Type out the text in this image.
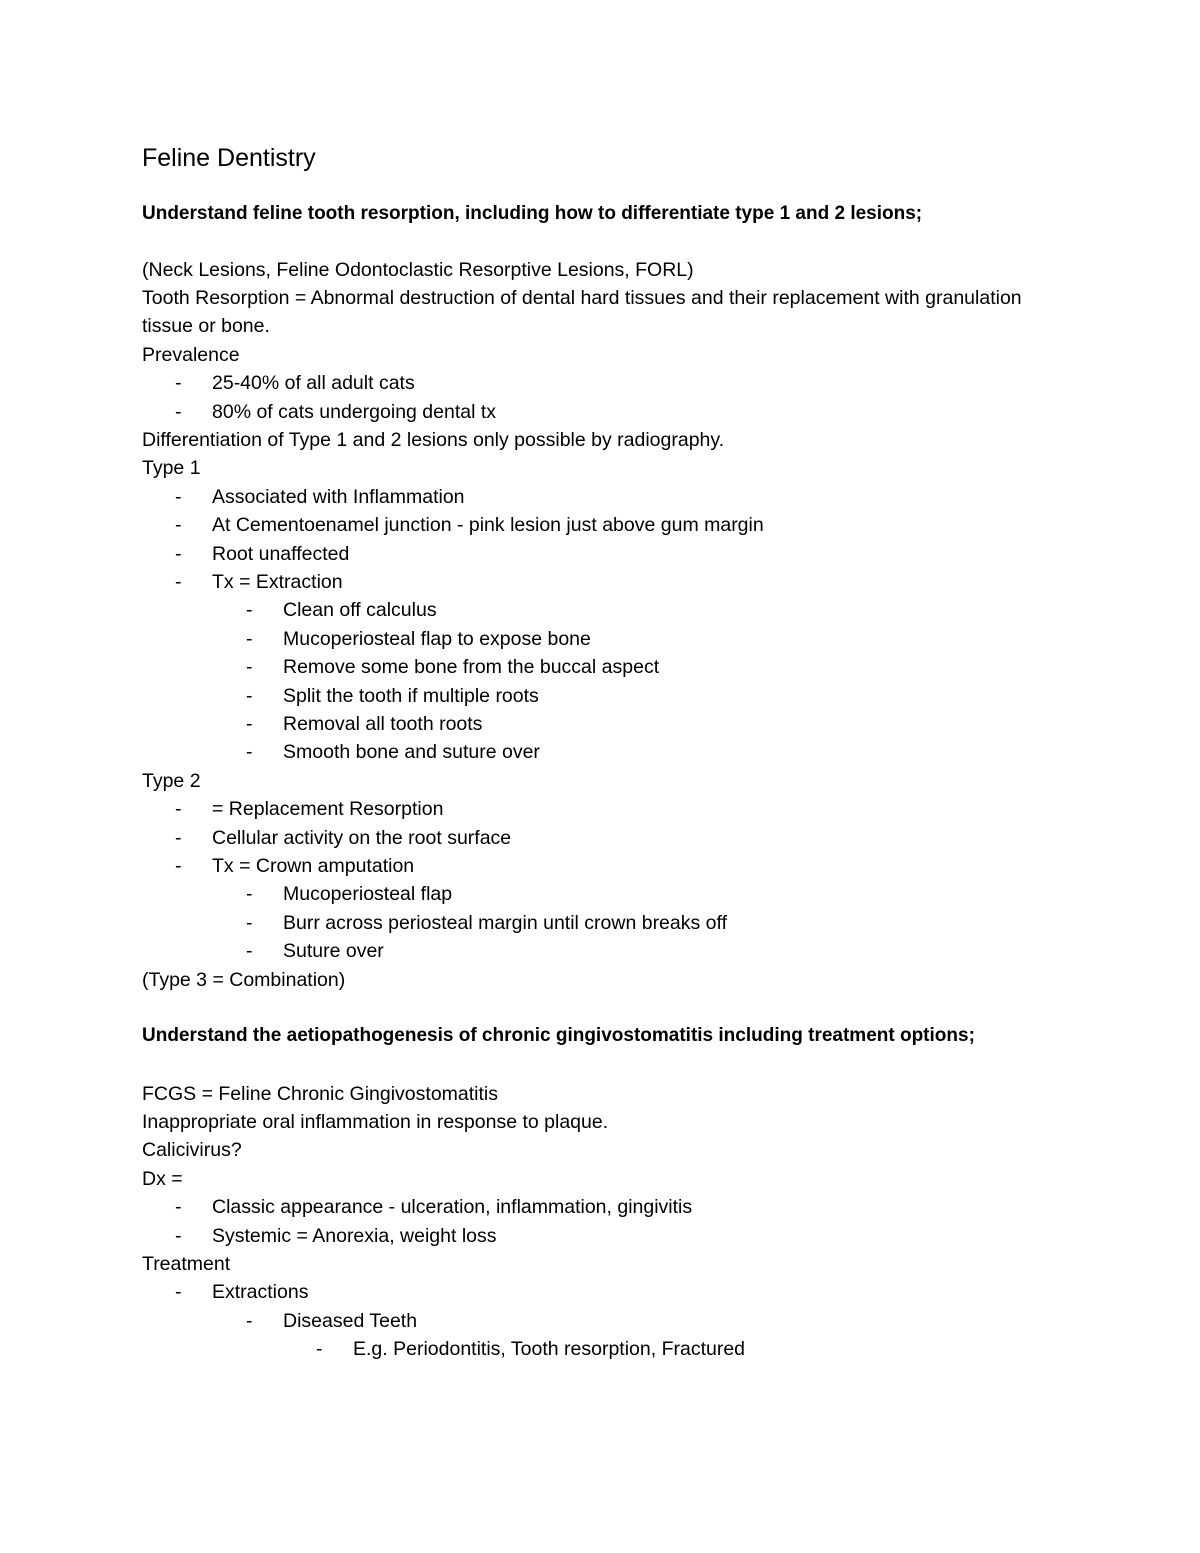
Feline Dentistry
Understand feline tooth resorption, including how to differentiate type 1 and 2 lesions;
(Neck Lesions, Feline Odontoclastic Resorptive Lesions, FORL)
Tooth Resorption = Abnormal destruction of dental hard tissues and their replacement with granulation tissue or bone.
Prevalence
- 25-40% of all adult cats
- 80% of cats undergoing dental tx
Differentiation of Type 1 and 2 lesions only possible by radiography.
Type 1
- Associated with Inflammation
- At Cementoenamel junction - pink lesion just above gum margin
- Root unaffected
- Tx = Extraction
- Clean off calculus
- Mucoperiosteal flap to expose bone
- Remove some bone from the buccal aspect
- Split the tooth if multiple roots
- Removal all tooth roots
- Smooth bone and suture over
Type 2
- = Replacement Resorption
- Cellular activity on the root surface
- Tx = Crown amputation
- Mucoperiosteal flap
- Burr across periosteal margin until crown breaks off
- Suture over
(Type 3 = Combination)
Understand the aetiopathogenesis of chronic gingivostomatitis including treatment options;
FCGS = Feline Chronic Gingivostomatitis
Inappropriate oral inflammation in response to plaque.
Calicivirus?
Dx =
- Classic appearance - ulceration, inflammation, gingivitis
- Systemic = Anorexia, weight loss
Treatment
- Extractions
- Diseased Teeth
- E.g. Periodontitis, Tooth resorption, Fractured
